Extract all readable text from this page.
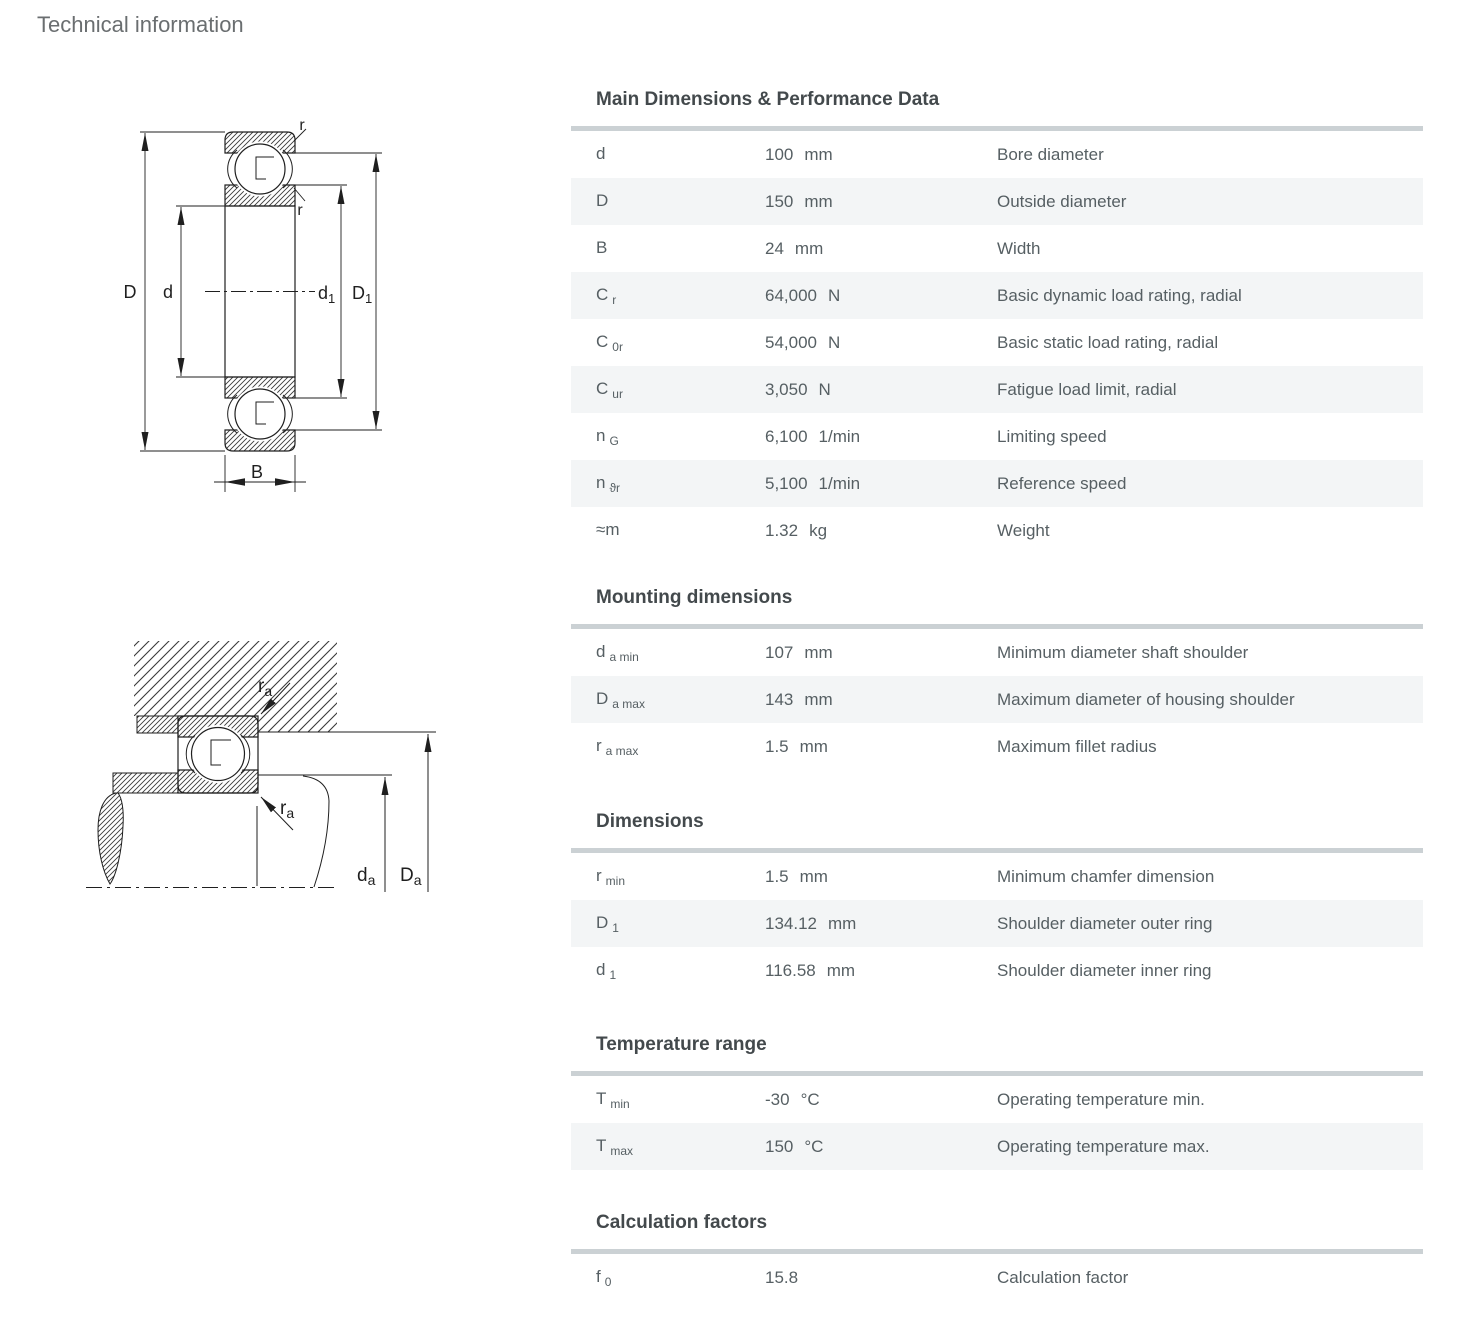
Technical information
D d	$d_1$ $D_1$
r
r
B
$r_a$
$r_a$
$d_a$ $D_a$
Main Dimensions & Performance Data
d	100 mm	Bore diameter
D	150 mm	Outside diameter
B	24 mm	Width
C $_r$	64,000 N	Basic dynamic load rating, radial
C $_{0r}$	54,000 N	Basic static load rating, radial
C $_{ur}$	3,050 N	Fatigue load limit, radial
n $_G$	6,100 1/min	Limiting speed
n $_{ϑr}$	5,100 1/min	Reference speed
≈m	1.32 kg	Weight
Mounting dimensions
d $_{a min}$	107 mm	Minimum diameter shaft shoulder
D $_{a max}$	143 mm	Maximum diameter of housing shoulder
r $_{a max}$	1.5 mm	Maximum fillet radius
Dimensions
r $_{min}$	1.5 mm	Minimum chamfer dimension
D $_1$	134.12 mm	Shoulder diameter outer ring
d $_1$	116.58 mm	Shoulder diameter inner ring
Temperature range
T $_{min}$	-30 °C	Operating temperature min.
T $_{max}$	150 °C	Operating temperature max.
Calculation factors
f $_0$	15.8	Calculation factor
